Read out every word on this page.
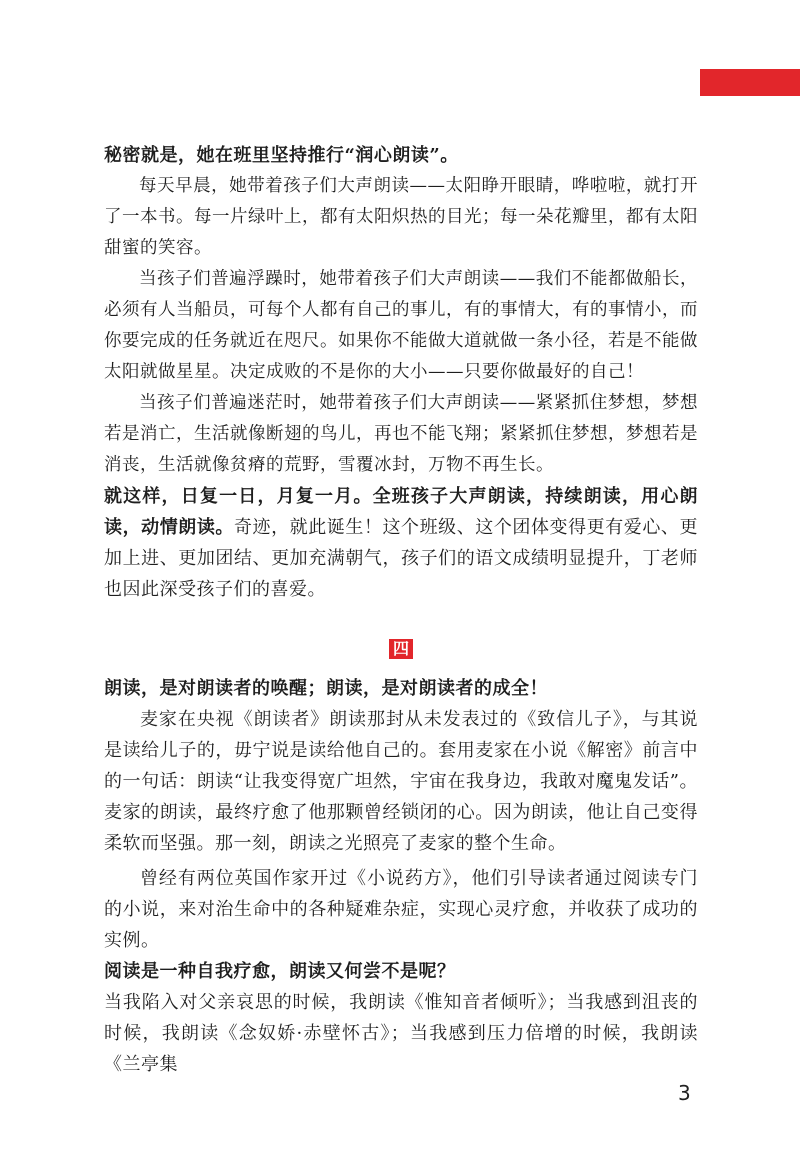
秘密就是，她在班里坚持推行“润心朗读”。

每天早晨，她带着孩子们大声朗读——太阳睁开眼睛，哗啦啦，就打开了一本书。每一片绿叶上，都有太阳炽热的目光；每一朵花瓣里，都有太阳甜蜜的笑容。

当孩子们普遍浮躁时，她带着孩子们大声朗读——我们不能都做船长，必须有人当船员，可每个人都有自己的事儿，有的事情大，有的事情小，而你要完成的任务就近在咫尺。如果你不能做大道就做一条小径，若是不能做太阳就做星星。决定成败的不是你的大小——只要你做最好的自己！

当孩子们普遍迷茫时，她带着孩子们大声朗读——紧紧抓住梦想，梦想若是消亡，生活就像断翅的鸟儿，再也不能飞翔；紧紧抓住梦想，梦想若是消丧，生活就像贫瘠的荒野，雪覆冰封，万物不再生长。

就这样，日复一日，月复一月。全班孩子大声朗读，持续朗读，用心朗读，动情朗读。奇迹，就此诞生！这个班级、这个团体变得更有爱心、更加上进、更加团结、更加充满朝气，孩子们的语文成绩明显提升，丁老师也因此深受孩子们的喜爱。

四

朗读，是对朗读者的唤醒；朗读，是对朗读者的成全！

麦家在央视《朗读者》朗读那封从未发表过的《致信儿子》，与其说是读给儿子的，毋宁说是读给他自己的。套用麦家在小说《解密》前言中的一句话：朗读“让我变得宽广坦然，宇宙在我身边，我敢对魔鬼发话”。麦家的朗读，最终疗愈了他那颗曾经锁闭的心。因为朗读，他让自己变得柔软而坚强。那一刻，朗读之光照亮了麦家的整个生命。

曾经有两位英国作家开过《小说药方》，他们引导读者通过阅读专门的小说，来对治生命中的各种疑难杂症，实现心灵疗愈，并收获了成功的实例。

阅读是一种自我疗愈，朗读又何尝不是呢？

当我陷入对父亲哀思的时候，我朗读《惟知音者倾听》；当我感到沮丧的时候，我朗读《念奴娇·赤壁怀古》；当我感到压力倍增的时候，我朗读《兰亭集

3
